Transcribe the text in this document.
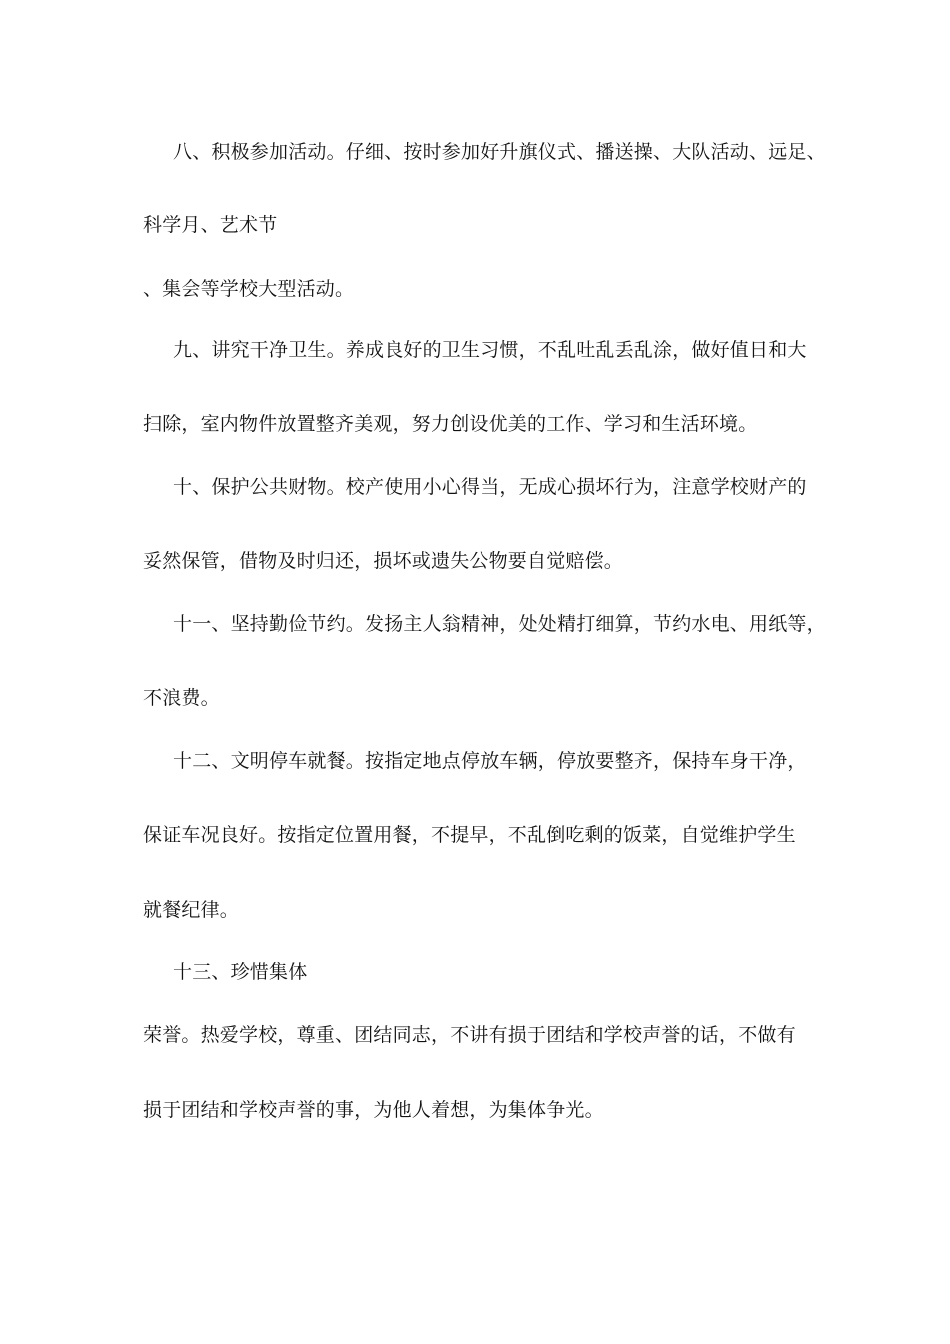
八、积极参加活动。仔细、按时参加好升旗仪式、播送操、大队活动、远足、
科学月、艺术节
、集会等学校大型活动。
九、讲究干净卫生。养成良好的卫生习惯，不乱吐乱丢乱涂，做好值日和大
扫除，室内物件放置整齐美观，努力创设优美的工作、学习和生活环境。
十、保护公共财物。校产使用小心得当，无成心损坏行为，注意学校财产的
妥然保管，借物及时归还，损坏或遗失公物要自觉赔偿。
十一、坚持勤俭节约。发扬主人翁精神，处处精打细算，节约水电、用纸等，
不浪费。
十二、文明停车就餐。按指定地点停放车辆，停放要整齐，保持车身干净，
保证车况良好。按指定位置用餐，不提早，不乱倒吃剩的饭菜，自觉维护学生
就餐纪律。
十三、珍惜集体
荣誉。热爱学校，尊重、团结同志，不讲有损于团结和学校声誉的话，不做有
损于团结和学校声誉的事，为他人着想，为集体争光。
